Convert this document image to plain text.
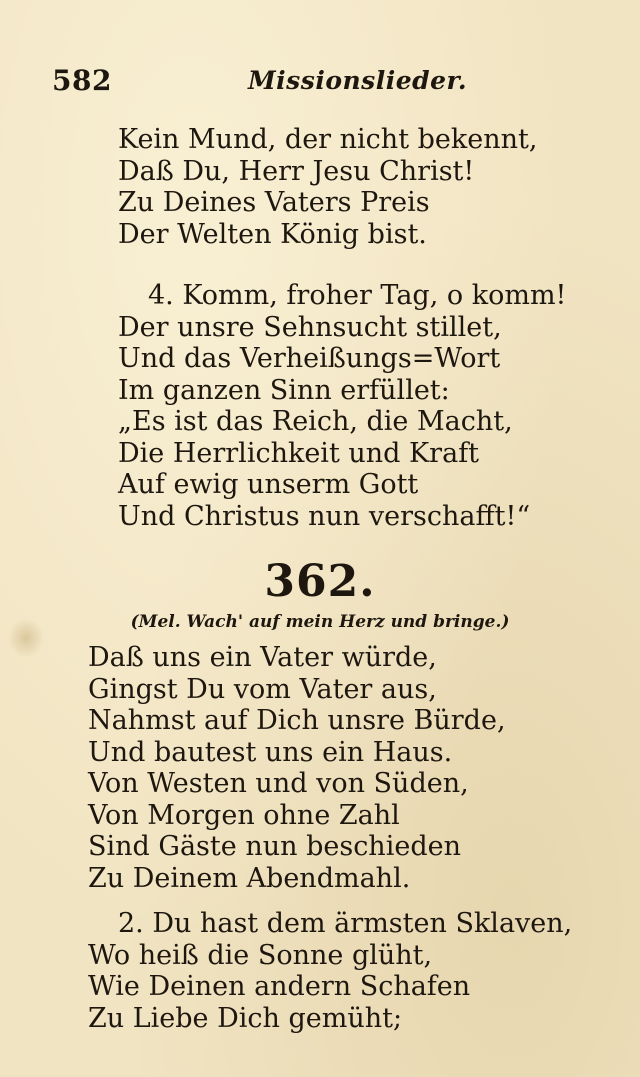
582	Missionslieder.
Kein Mund, der nicht bekennt,
Daß Du, Herr Jesu Christ!
Zu Deines Vaters Preis
Der Welten König bist.
4. Komm, froher Tag, o komm!
Der unsre Sehnsucht stillet,
Und das Verheißungs=Wort
Im ganzen Sinn erfüllet:
„Es ist das Reich, die Macht,
Die Herrlichkeit und Kraft
Auf ewig unserm Gott
Und Christus nun verschafft!“
362.
(Mel. Wach' auf mein Herz und bringe.)
Daß uns ein Vater würde,
Gingst Du vom Vater aus,
Nahmst auf Dich unsre Bürde,
Und bautest uns ein Haus.
Von Westen und von Süden,
Von Morgen ohne Zahl
Sind Gäste nun beschieden
Zu Deinem Abendmahl.
2. Du hast dem ärmsten Sklaven,
Wo heiß die Sonne glüht,
Wie Deinen andern Schafen
Zu Liebe Dich gemüht;
